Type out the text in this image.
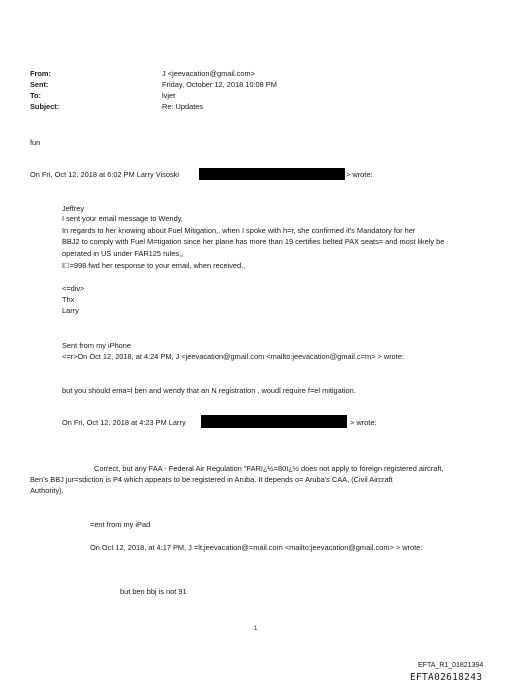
From:	J <jeevacation@gmail.com>
Sent:	Friday, October 12, 2018 10:08 PM
To:	lvjet
Subject:	Re: Updates
fun
On Fri, Oct 12, 2018 at 6:02 PM Larry Visoski	> wrote:
Jeffrey
I sent your email message to Wendy,
In regards to her knowing about Fuel Mitigation,, when I spoke with h=r, she confirmed it's Mandatory for her
BBJ2 to comply with Fuel M=tigation since her plane has more than 19 certifies belted PAX seats= and most likely be
operated in US under FAR125 rules,,
I =998 fwd her response to your email, when received.,
<=div>
Thx
Larry
Sent from my iPhone
<=r>On Oct 12, 2018, at 4:24 PM, J <jeevacation@gmail.com <mailto:jeevacation@gmail.c=m> > wrote:
but you should ema=l ben and wendy that an N registration , woudl require f=el mitigation.
On Fri, Oct 12, 2018 at 4:23 PM Larry	> wrote:
Correct, but any FAA - Federal Air Regulation "FARï¿½=80ï¿½ does not apply to foreign registered aircraft,
Ben's BBJ jur=sdiction is P4 which appears to be registered in Aruba. It depends o= Aruba's CAA, (Civil Aircraft
Authority).
=ent from my iPad
On Oct 12, 2018, at 4:17 PM, J =lt;jeevacation@=mail.com <mailto:jeevacation@gmail.com> > wrote:
but ben bbj is not 91
1
EFTA_R1_01821394
EFTA02618243
